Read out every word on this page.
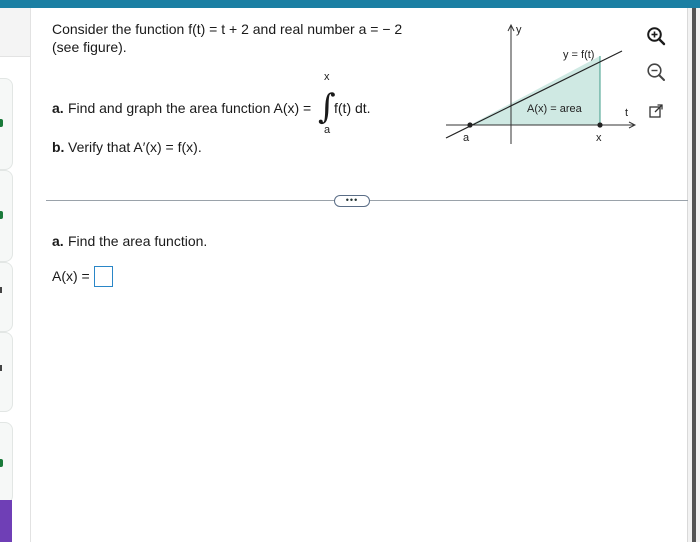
Consider the function f(t) = t + 2 and real number a = − 2
(see figure).
a. Find and graph the area function A(x) =
x
∫
a
f(t) dt.
b. Verify that A′(x) = f(x).
y
t
y = f(t)
A(x) = area
a	x
•••
a. Find the area function.
A(x) =
